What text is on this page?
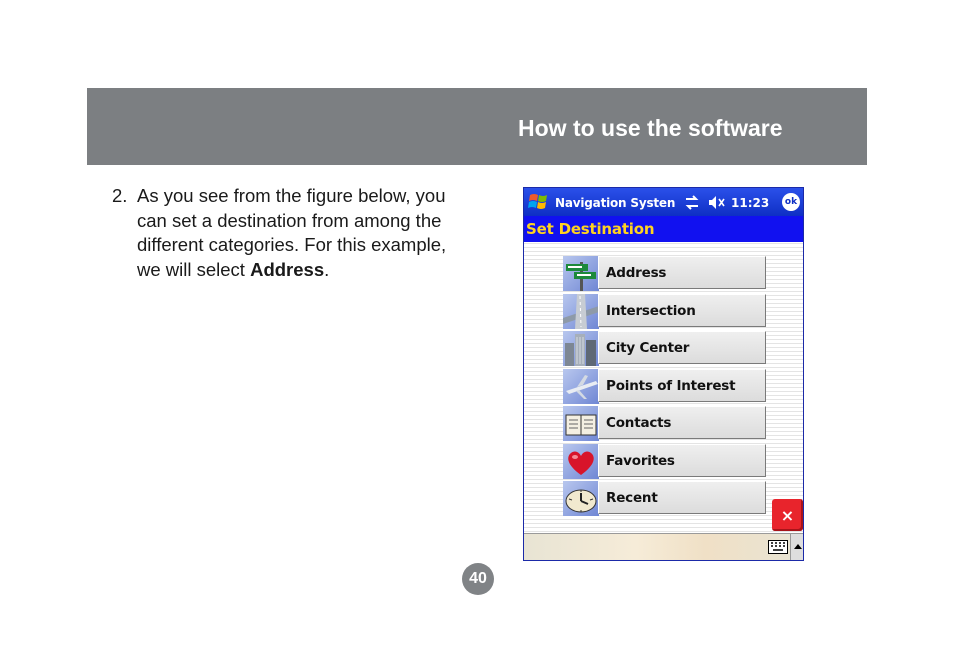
How to use the software
2. As you see from the figure below, you can set a destination from among the different categories. For this example, we will select Address.
Navigation Systen	11:23	ok
Set Destination
Address
Intersection
City Center
Points of Interest
Contacts
Favorites
Recent
×
40
